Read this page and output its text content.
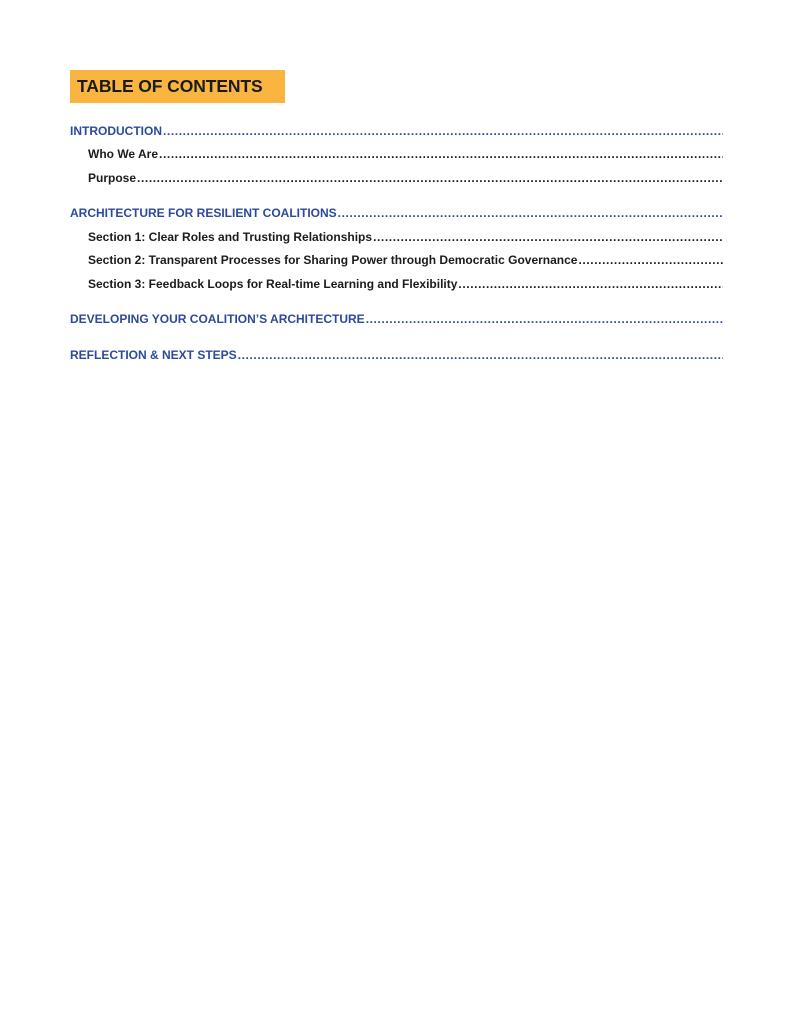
TABLE OF CONTENTS
INTRODUCTION
.....
Who We Are
.....
Purpose
.....
ARCHITECTURE FOR RESILIENT COALITIONS
.....
Section 1: Clear Roles and Trusting Relationships
.....
Section 2: Transparent Processes for Sharing Power through Democratic Governance
.....
Section 3: Feedback Loops for Real-time Learning and Flexibility
.....
DEVELOPING YOUR COALITION’S ARCHITECTURE
.....
REFLECTION & NEXT STEPS
.....
